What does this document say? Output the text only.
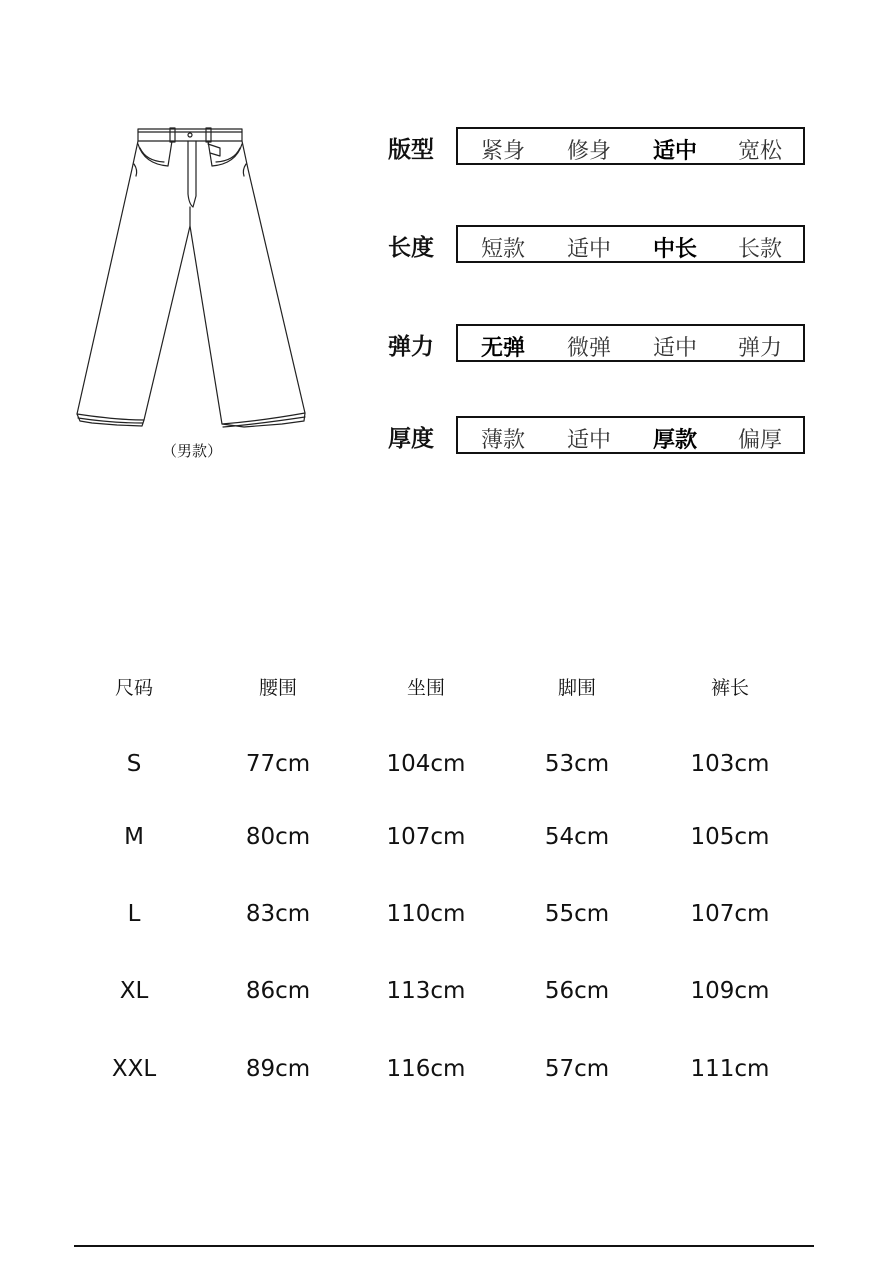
（男款）
版型	紧身	修身	适中	宽松
长度	短款	适中	中长	长款
弹力	无弹	微弹	适中	弹力
厚度	薄款	适中	厚款	偏厚
尺码	腰围	坐围	脚围	裤长
S	77cm	104cm	53cm	103cm
M	80cm	107cm	54cm	105cm
L	83cm	110cm	55cm	107cm
XL	86cm	113cm	56cm	109cm
XXL	89cm	116cm	57cm	111cm
